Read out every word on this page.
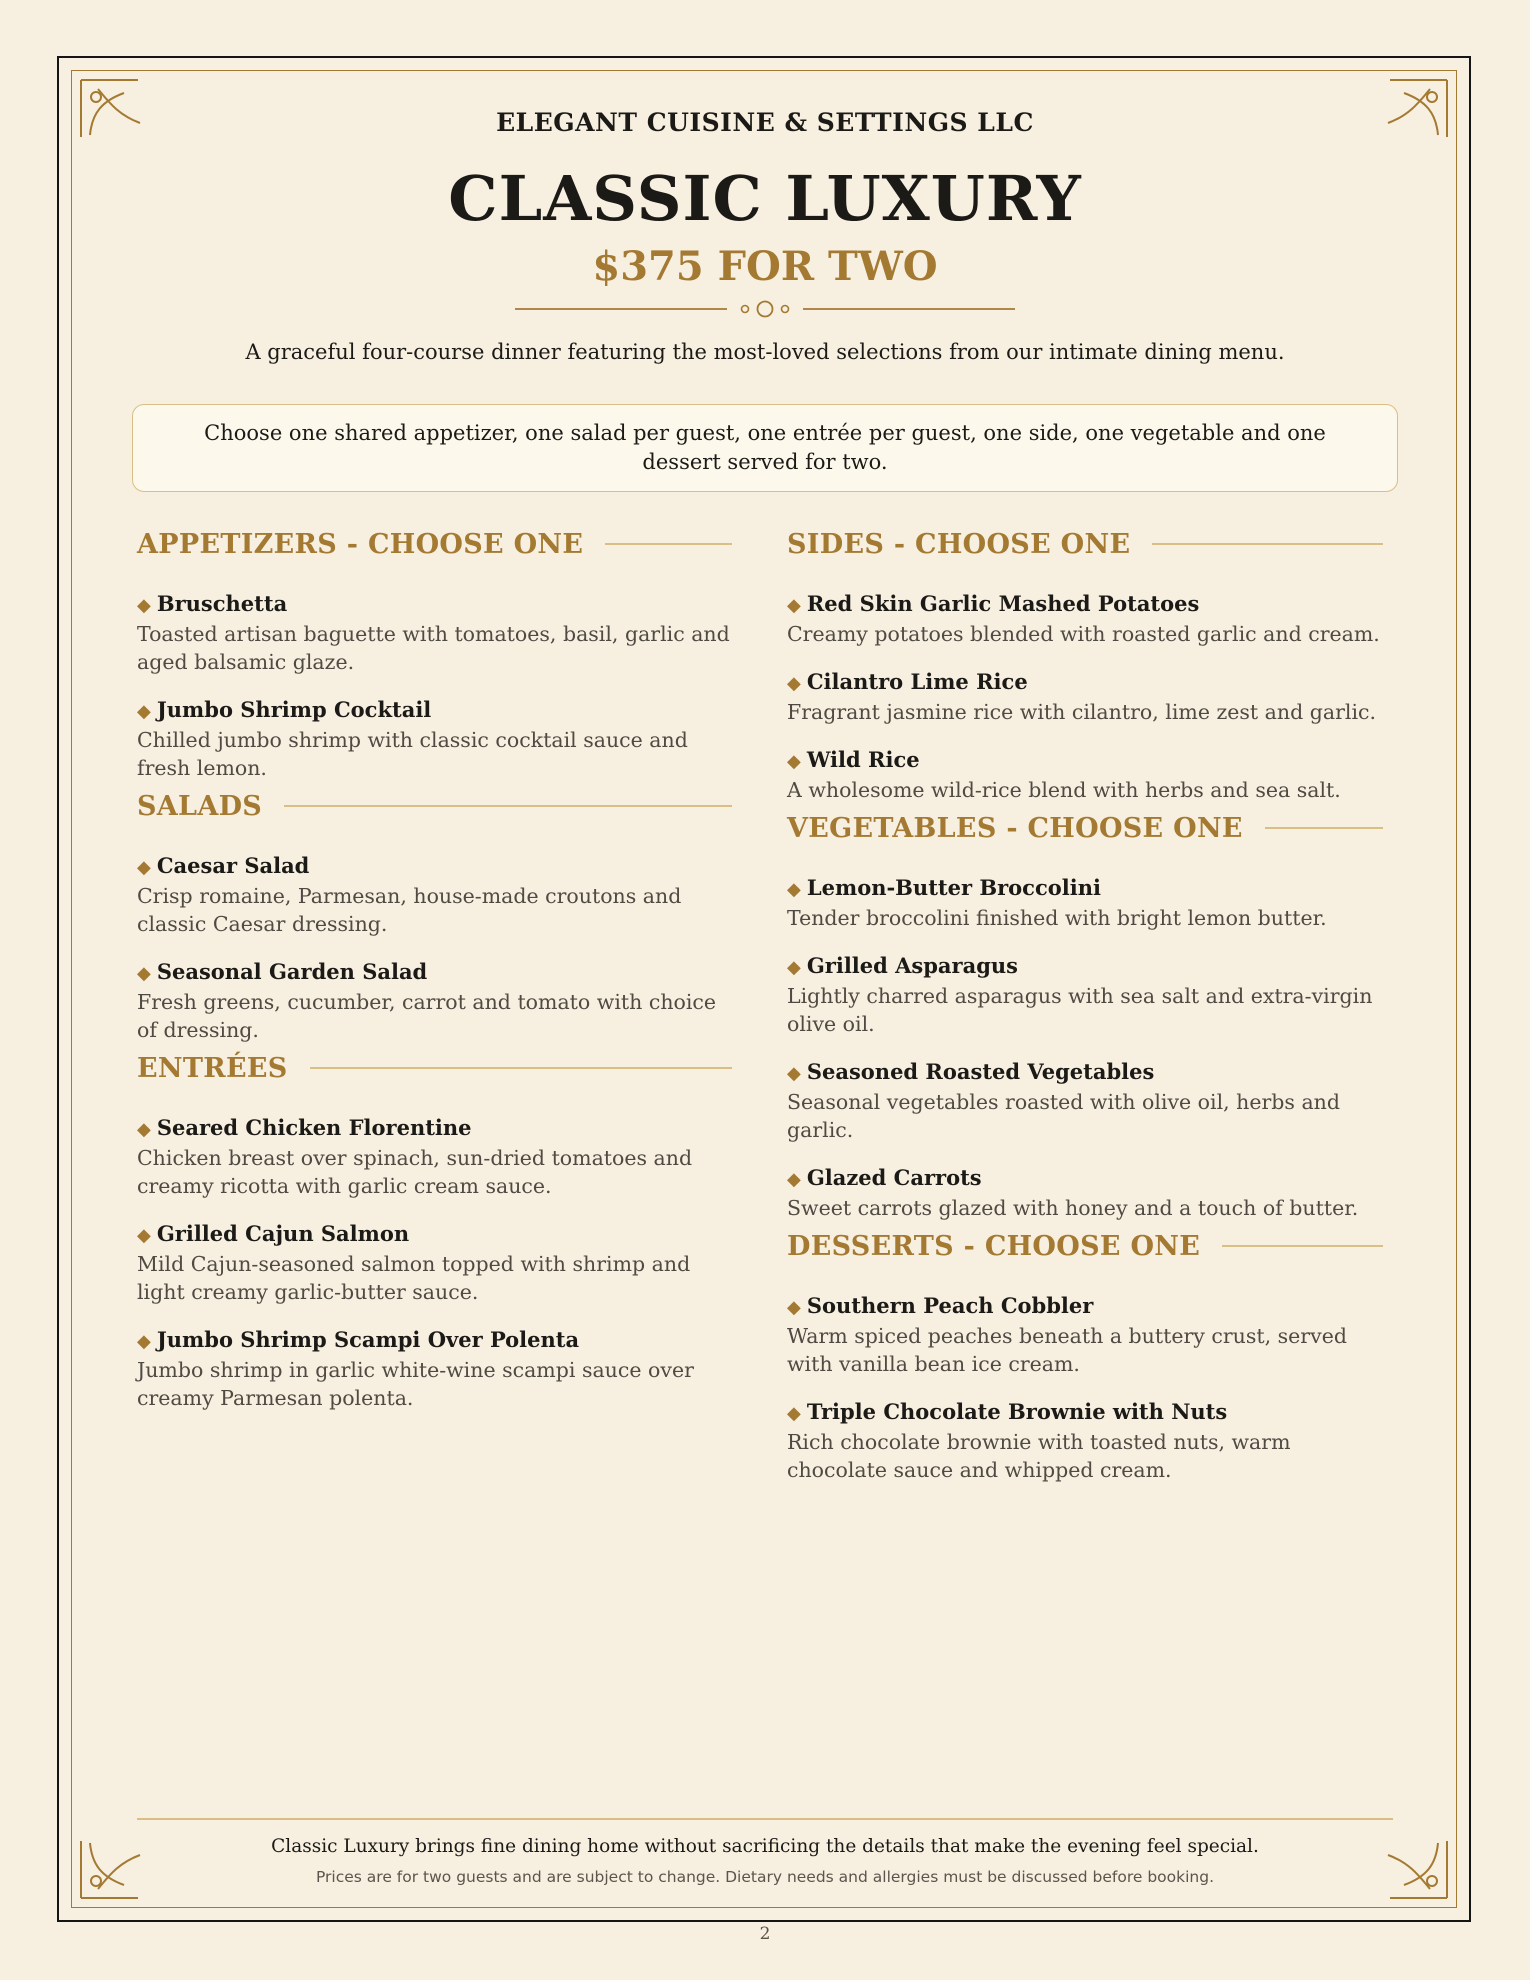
ELEGANT CUISINE & SETTINGS LLC
CLASSIC LUXURY
$375 FOR TWO
A graceful four-course dinner featuring the most-loved selections from our intimate dining menu.
Choose one shared appetizer, one salad per guest, one entrée per guest, one side, one vegetable and one dessert served for two.
APPETIZERS - CHOOSE ONE
◆ Bruschetta
Toasted artisan baguette with tomatoes, basil, garlic and aged balsamic glaze.
◆ Jumbo Shrimp Cocktail
Chilled jumbo shrimp with classic cocktail sauce and fresh lemon.
SALADS
◆ Caesar Salad
Crisp romaine, Parmesan, house-made croutons and classic Caesar dressing.
◆ Seasonal Garden Salad
Fresh greens, cucumber, carrot and tomato with choice of dressing.
ENTRÉES
◆ Seared Chicken Florentine
Chicken breast over spinach, sun-dried tomatoes and creamy ricotta with garlic cream sauce.
◆ Grilled Cajun Salmon
Mild Cajun-seasoned salmon topped with shrimp and light creamy garlic-butter sauce.
◆ Jumbo Shrimp Scampi Over Polenta
Jumbo shrimp in garlic white-wine scampi sauce over creamy Parmesan polenta.
SIDES - CHOOSE ONE
◆ Red Skin Garlic Mashed Potatoes
Creamy potatoes blended with roasted garlic and cream.
◆ Cilantro Lime Rice
Fragrant jasmine rice with cilantro, lime zest and garlic.
◆ Wild Rice
A wholesome wild-rice blend with herbs and sea salt.
VEGETABLES - CHOOSE ONE
◆ Lemon-Butter Broccolini
Tender broccolini finished with bright lemon butter.
◆ Grilled Asparagus
Lightly charred asparagus with sea salt and extra-virgin olive oil.
◆ Seasoned Roasted Vegetables
Seasonal vegetables roasted with olive oil, herbs and garlic.
◆ Glazed Carrots
Sweet carrots glazed with honey and a touch of butter.
DESSERTS - CHOOSE ONE
◆ Southern Peach Cobbler
Warm spiced peaches beneath a buttery crust, served with vanilla bean ice cream.
◆ Triple Chocolate Brownie with Nuts
Rich chocolate brownie with toasted nuts, warm chocolate sauce and whipped cream.
Classic Luxury brings fine dining home without sacrificing the details that make the evening feel special.
Prices are for two guests and are subject to change. Dietary needs and allergies must be discussed before booking.
2
